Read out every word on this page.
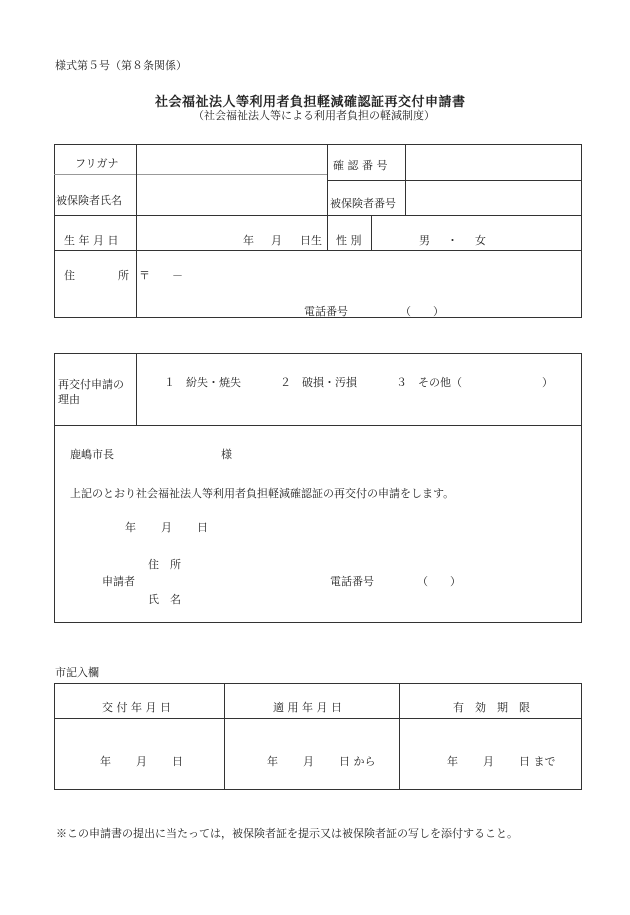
様式第５号（第８条関係）
社会福祉法人等利用者負担軽減確認証再交付申請書
（社会福祉法人等による利用者負担の軽減制度）
フリガナ	確 認 番 号
被保険者氏名	被保険者番号
生 年 月 日	年 月 日生 性 別	男 ・ 女
住	所 〒 －
電話番号	（　　）
再交付申請の
理由
１　紛失・焼失	２　破損・汚損	３　その他（	）
鹿嶋市長	様
上記のとおり社会福祉法人等利用者負担軽減確認証の再交付の申請をします。
年 月 日
住　所
申請者	電話番号	（　　）
氏　名
市記入欄
交 付 年 月 日	適 用 年 月 日	有　効　期　限
年 月 日	年 月 日 から	年 月 日 まで
※この申請書の提出に当たっては，被保険者証を提示又は被保険者証の写しを添付すること。
